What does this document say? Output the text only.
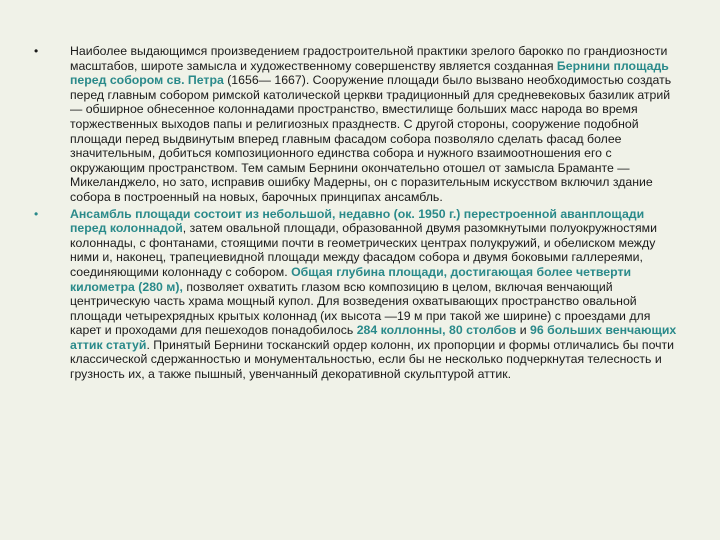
•	Наиболее выдающимся произведением градостроительной практики зрелого барокко по грандиозности масштабов, широте замысла и художественному совершенству является созданная Бернини площадь перед собором св. Петра (1656— 1667). Сооружение площади было вызвано необходимостью создать перед главным собором римской католической церкви традиционный для средневековых базилик атрий — обширное обнесенное колоннадами пространство, вместилище больших масс народа во время торжественных выходов папы и религиозных празднеств. С другой стороны, сооружение подобной площади перед выдвинутым вперед главным фасадом собора позволяло сделать фасад более значительным, добиться композиционного единства собора и нужного взаимоотношения его с окружающим пространством. Тем самым Бернини окончательно отошел от замысла Браманте — Микеланджело, но зато, исправив ошибку Мадерны, он с поразительным искусством включил здание собора в построенный на новых, барочных принципах ансамбль.
•	Ансамбль площади состоит из небольшой, недавно (ок. 1950 г.) перестроенной аванплощади перед колоннадой, затем овальной площади, образованной двумя разомкнутыми полуокружностями колоннады, с фонтанами, стоящими почти в геометрических центрах полукружий, и обелиском между ними и, наконец, трапециевидной площади между фасадом собора и двумя боковыми галлереями, соединяющими колоннаду с собором. Общая глубина площади, достигающая более четверти километра (280 м), позволяет охватить глазом всю композицию в целом, включая венчающий центрическую часть храма мощный купол. Для возведения охватывающих пространство овальной площади четырехрядных крытых колоннад (их высота —19 м при такой же ширине) с проездами для карет и проходами для пешеходов понадобилось 284 коллонны, 80 столбов и 96 больших венчающих аттик статуй. Принятый Бернини тосканский ордер колонн, их пропорции и формы отличались бы почти классической сдержанностью и монументальностью, если бы не несколько подчеркнутая телесность и грузность их, а также пышный, увенчанный декоративной скульптурой аттик.
